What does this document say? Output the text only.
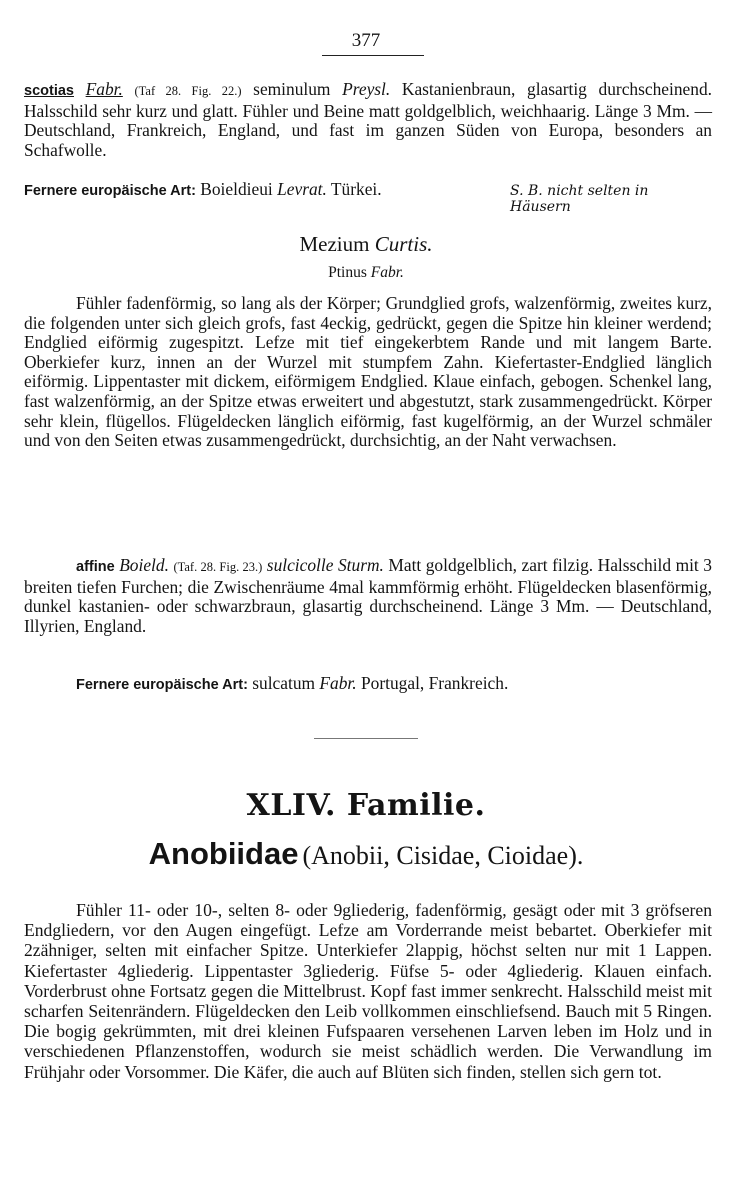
377
scotias Fabr. (Taf 28. Fig. 22.) seminulum Preysl. Kastanienbraun, glasartig durchscheinend. Halsschild sehr kurz und glatt. Fühler und Beine matt goldgelblich, weichhaarig. Länge 3 Mm. — Deutschland, Frankreich, England, und fast im ganzen Süden von Europa, besonders an Schafwolle.
Fernere europäische Art: Boieldieui Levrat. Türkei.	S. B. nicht selten in Häusern
Mezium Curtis.
Ptinus Fabr.
Fühler fadenförmig, so lang als der Körper; Grundglied grofs, walzenförmig, zweites kurz, die folgenden unter sich gleich grofs, fast 4eckig, gedrückt, gegen die Spitze hin kleiner werdend; Endglied eiförmig zugespitzt. Lefze mit tief eingekerbtem Rande und mit langem Barte. Oberkiefer kurz, innen an der Wurzel mit stumpfem Zahn. Kiefertaster-Endglied länglich eiförmig. Lippentaster mit dickem, eiförmigem Endglied. Klaue einfach, gebogen. Schenkel lang, fast walzenförmig, an der Spitze etwas erweitert und abgestutzt, stark zusammengedrückt. Körper sehr klein, flügellos. Flügeldecken länglich eiförmig, fast kugelförmig, an der Wurzel schmäler und von den Seiten etwas zusammengedrückt, durchsichtig, an der Naht verwachsen.
affine Boield. (Taf. 28. Fig. 23.) sulcicolle Sturm. Matt goldgelblich, zart filzig. Halsschild mit 3 breiten tiefen Furchen; die Zwischenräume 4mal kammförmig erhöht. Flügeldecken blasenförmig, dunkel kastanien- oder schwarzbraun, glasartig durchscheinend. Länge 3 Mm. — Deutschland, Illyrien, England.
Fernere europäische Art: sulcatum Fabr. Portugal, Frankreich.
XLIV. Familie.
Anobiidae (Anobii, Cisidae, Cioidae).
Fühler 11- oder 10-, selten 8- oder 9gliederig, fadenförmig, gesägt oder mit 3 gröfseren Endgliedern, vor den Augen eingefügt. Lefze am Vorderrande meist bebartet. Oberkiefer mit 2zähniger, selten mit einfacher Spitze. Unterkiefer 2lappig, höchst selten nur mit 1 Lappen. Kiefertaster 4gliederig. Lippentaster 3gliederig. Füfse 5- oder 4gliederig. Klauen einfach. Vorderbrust ohne Fortsatz gegen die Mittelbrust. Kopf fast immer senkrecht. Halsschild meist mit scharfen Seitenrändern. Flügeldecken den Leib vollkommen einschliefsend. Bauch mit 5 Ringen. Die bogig gekrümmten, mit drei kleinen Fufspaaren versehenen Larven leben im Holz und in verschiedenen Pflanzenstoffen, wodurch sie meist schädlich werden. Die Verwandlung im Frühjahr oder Vorsommer. Die Käfer, die auch auf Blüten sich finden, stellen sich gern tot.
